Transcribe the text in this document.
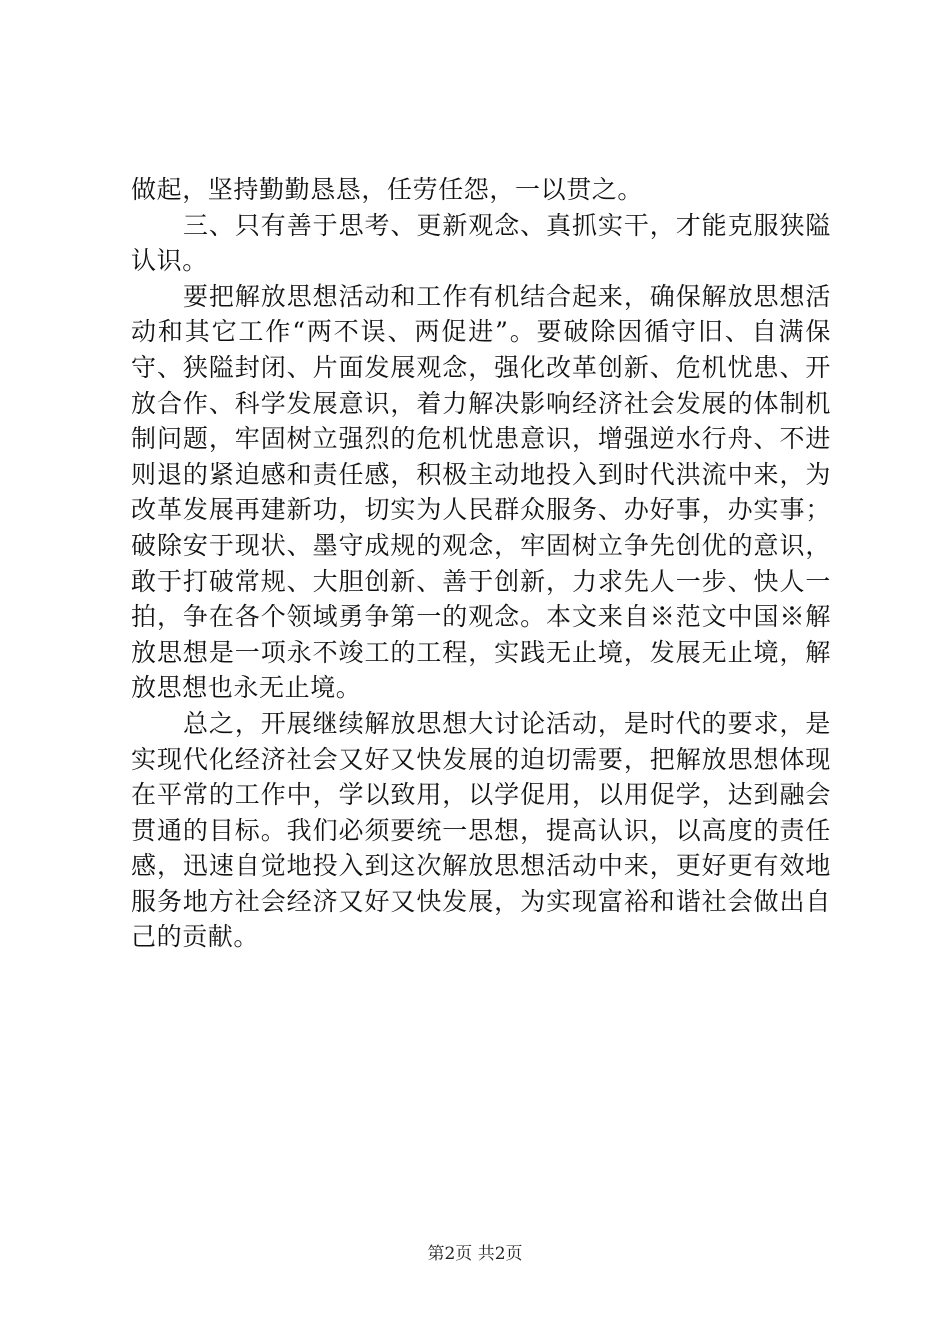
做起，坚持勤勤恳恳，任劳任怨，一以贯之。

三、只有善于思考、更新观念、真抓实干，才能克服狭隘认识。

要把解放思想活动和工作有机结合起来，确保解放思想活动和其它工作“两不误、两促进”。要破除因循守旧、自满保守、狭隘封闭、片面发展观念，强化改革创新、危机忧患、开放合作、科学发展意识，着力解决影响经济社会发展的体制机制问题，牢固树立强烈的危机忧患意识，增强逆水行舟、不进则退的紧迫感和责任感，积极主动地投入到时代洪流中来，为改革发展再建新功，切实为人民群众服务、办好事，办实事；破除安于现状、墨守成规的观念，牢固树立争先创优的意识，敢于打破常规、大胆创新、善于创新，力求先人一步、快人一拍，争在各个领域勇争第一的观念。本文来自※范文中国※解放思想是一项永不竣工的工程，实践无止境，发展无止境，解放思想也永无止境。

总之，开展继续解放思想大讨论活动，是时代的要求，是实现代化经济社会又好又快发展的迫切需要，把解放思想体现在平常的工作中，学以致用，以学促用，以用促学，达到融会贯通的目标。我们必须要统一思想，提高认识，以高度的责任感，迅速自觉地投入到这次解放思想活动中来，更好更有效地服务地方社会经济又好又快发展，为实现富裕和谐社会做出自己的贡献。

第2页 共2页
